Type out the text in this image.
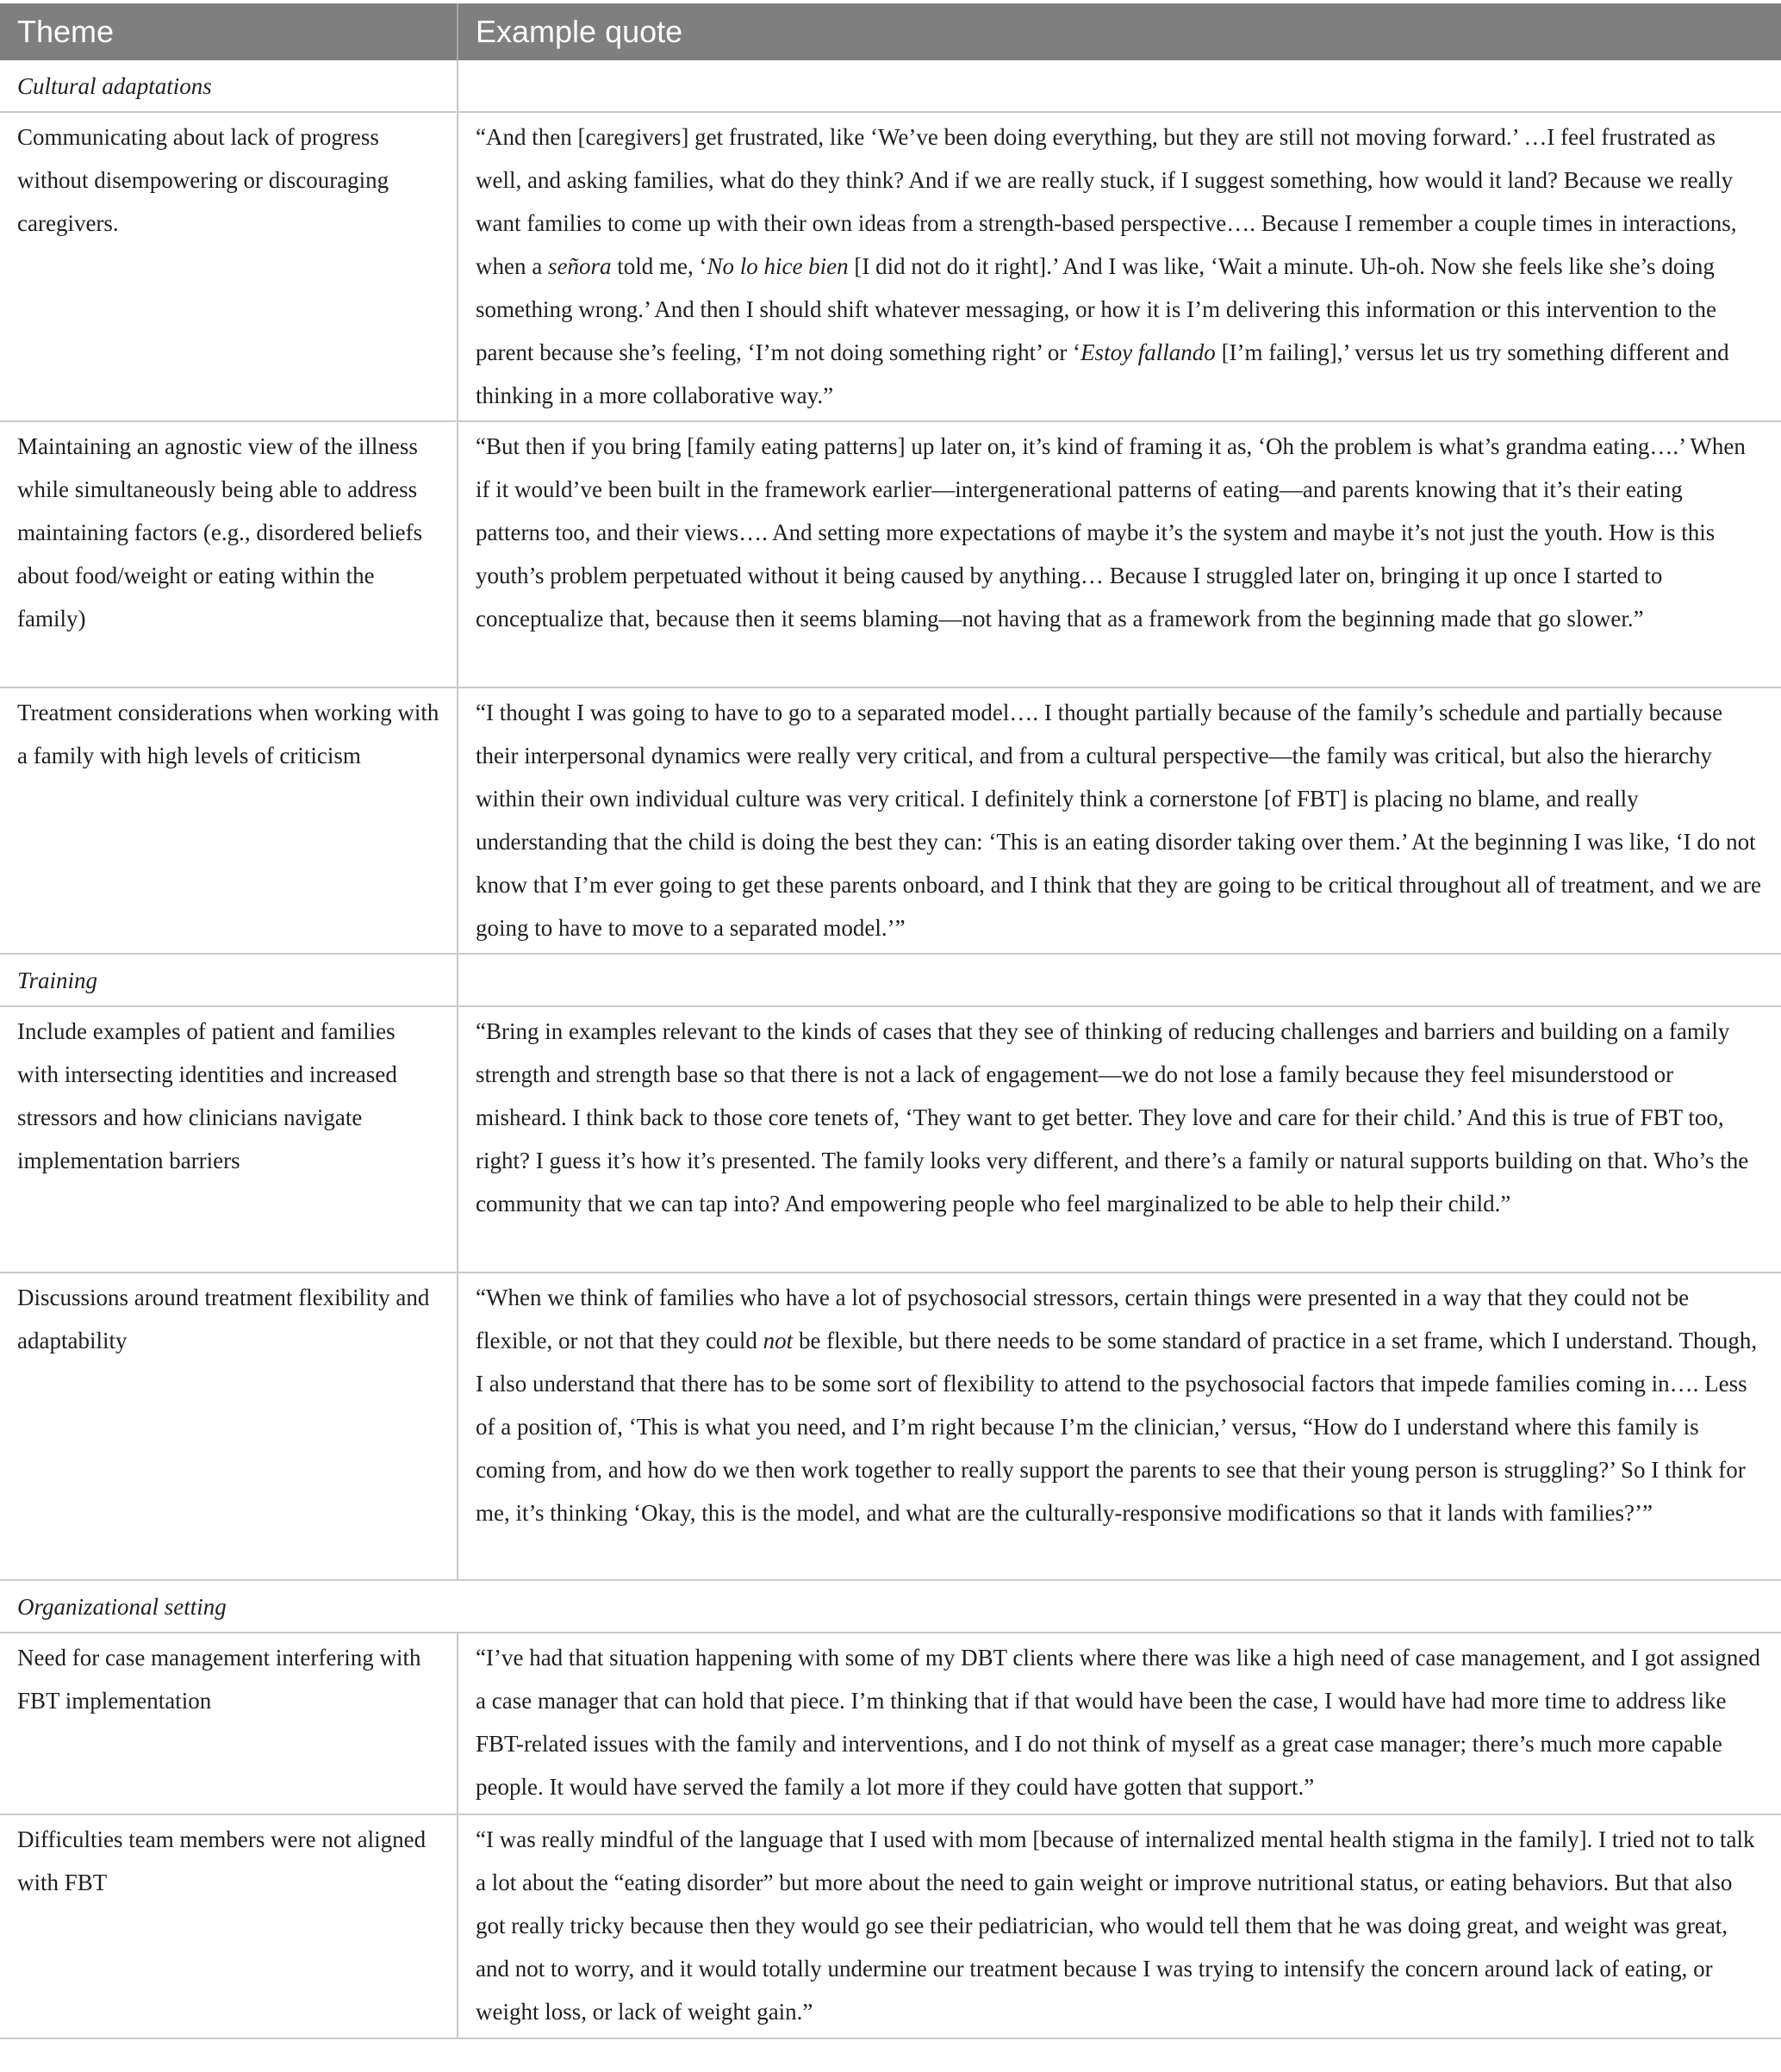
Theme	Example quote
Cultural adaptations	
Communicating about lack of progress without disempowering or discouraging caregivers.	“And then [caregivers] get frustrated, like ‘We’ve been doing everything, but they are still not moving forward.’ …I feel frustrated as well, and asking families, what do they think? And if we are really stuck, if I suggest something, how would it land? Because we really want families to come up with their own ideas from a strength-based perspective…. Because I remember a couple times in interactions, when a señora told me, ‘No lo hice bien [I did not do it right].’ And I was like, ‘Wait a minute. Uh-oh. Now she feels like she’s doing something wrong.’ And then I should shift whatever messaging, or how it is I’m delivering this information or this intervention to the parent because she’s feeling, ‘I’m not doing something right’ or ‘Estoy fallando [I’m failing],’ versus let us try something different and thinking in a more collaborative way.”
Maintaining an agnostic view of the illness while simultaneously being able to address maintaining factors (e.g., disordered beliefs about food/weight or eating within the family)	“But then if you bring [family eating patterns] up later on, it’s kind of framing it as, ‘Oh the problem is what’s grandma eating….’ When if it would’ve been built in the framework earlier—intergenerational patterns of eating—and parents knowing that it’s their eating patterns too, and their views…. And setting more expectations of maybe it’s the system and maybe it’s not just the youth. How is this youth’s problem perpetuated without it being caused by anything… Because I struggled later on, bringing it up once I started to conceptualize that, because then it seems blaming—not having that as a framework from the beginning made that go slower.”
Treatment considerations when working with a family with high levels of criticism	“I thought I was going to have to go to a separated model…. I thought partially because of the family’s schedule and partially because their interpersonal dynamics were really very critical, and from a cultural perspective—the family was critical, but also the hierarchy within their own individual culture was very critical. I definitely think a cornerstone [of FBT] is placing no blame, and really understanding that the child is doing the best they can: ‘This is an eating disorder taking over them.’ At the beginning I was like, ‘I do not know that I’m ever going to get these parents onboard, and I think that they are going to be critical throughout all of treatment, and we are going to have to move to a separated model.’”
Training	
Include examples of patient and families with intersecting identities and increased stressors and how clinicians navigate implementation barriers	“Bring in examples relevant to the kinds of cases that they see of thinking of reducing challenges and barriers and building on a family strength and strength base so that there is not a lack of engagement—we do not lose a family because they feel misunderstood or misheard. I think back to those core tenets of, ‘They want to get better. They love and care for their child.’ And this is true of FBT too, right? I guess it’s how it’s presented. The family looks very different, and there’s a family or natural supports building on that. Who’s the community that we can tap into? And empowering people who feel marginalized to be able to help their child.”
Discussions around treatment flexibility and adaptability	“When we think of families who have a lot of psychosocial stressors, certain things were presented in a way that they could not be flexible, or not that they could not be flexible, but there needs to be some standard of practice in a set frame, which I understand. Though, I also understand that there has to be some sort of flexibility to attend to the psychosocial factors that impede families coming in…. Less of a position of, ‘This is what you need, and I’m right because I’m the clinician,’ versus, “How do I understand where this family is coming from, and how do we then work together to really support the parents to see that their young person is struggling?’ So I think for me, it’s thinking ‘Okay, this is the model, and what are the culturally-responsive modifications so that it lands with families?’”
Organizational setting	
Need for case management interfering with FBT implementation	“I’ve had that situation happening with some of my DBT clients where there was like a high need of case management, and I got assigned a case manager that can hold that piece. I’m thinking that if that would have been the case, I would have had more time to address like FBT-related issues with the family and interventions, and I do not think of myself as a great case manager; there’s much more capable people. It would have served the family a lot more if they could have gotten that support.”
Difficulties team members were not aligned with FBT	“I was really mindful of the language that I used with mom [because of internalized mental health stigma in the family]. I tried not to talk a lot about the “eating disorder” but more about the need to gain weight or improve nutritional status, or eating behaviors. But that also got really tricky because then they would go see their pediatrician, who would tell them that he was doing great, and weight was great, and not to worry, and it would totally undermine our treatment because I was trying to intensify the concern around lack of eating, or weight loss, or lack of weight gain.”
